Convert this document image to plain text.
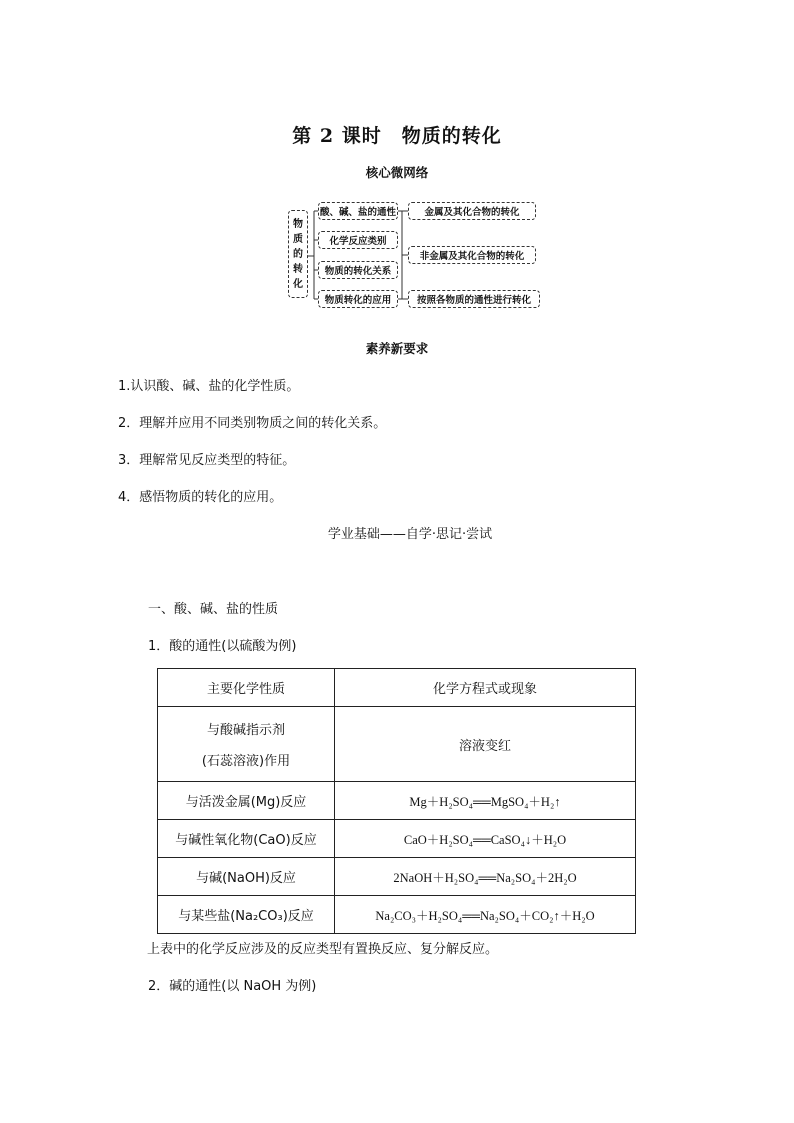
第 2 课时　物质的转化
核心微网络
物
质
的
转
化
酸、碱、盐的通性
化学反应类别
物质的转化关系
物质转化的应用
金属及其化合物的转化
非金属及其化合物的转化
按照各物质的通性进行转化
素养新要求
1.认识酸、碱、盐的化学性质。
2．理解并应用不同类别物质之间的转化关系。
3．理解常见反应类型的特征。
4．感悟物质的转化的应用。
学业基础——自学·思记·尝试
一、酸、碱、盐的性质
1．酸的通性(以硫酸为例)
主要化学性质	化学方程式或现象

与酸碱指示剂
(石蕊溶液)作用	溶液变红
与活泼金属(Mg)反应	Mg＋H₂SO₄══MgSO₄＋H₂↑
与碱性氧化物(CaO)反应	CaO＋H₂SO₄══CaSO₄↓＋H₂O
与碱(NaOH)反应	2NaOH＋H₂SO₄══Na₂SO₄＋2H₂O
与某些盐(Na₂CO₃)反应	Na₂CO₃＋H₂SO₄══Na₂SO₄＋CO₂↑＋H₂O
上表中的化学反应涉及的反应类型有置换反应、复分解反应。
2．碱的通性(以 NaOH 为例)
